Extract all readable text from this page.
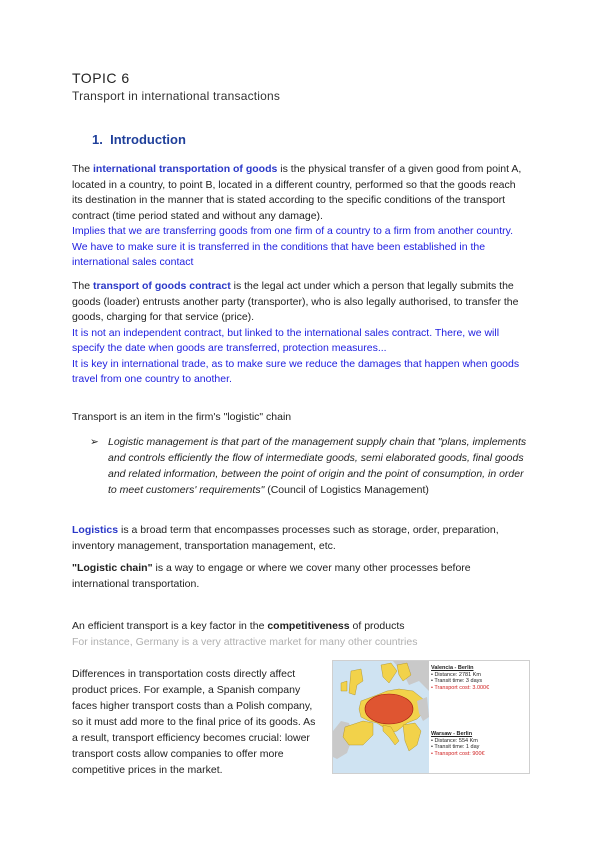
TOPIC 6
Transport in international transactions
1. Introduction
The international transportation of goods is the physical transfer of a given good from point A, located in a country, to point B, located in a different country, performed so that the goods reach its destination in the manner that is stated according to the specific conditions of the transport contract (time period stated and without any damage).
Implies that we are transferring goods from one firm of a country to a firm from another country. We have to make sure it is transferred in the conditions that have been established in the international sales contact
The transport of goods contract is the legal act under which a person that legally submits the goods (loader) entrusts another party (transporter), who is also legally authorised, to transfer the goods, charging for that service (price).
It is not an independent contract, but linked to the international sales contract. There, we will specify the date when goods are transferred, protection measures...
It is key in international trade, as to make sure we reduce the damages that happen when goods travel from one country to another.
Transport is an item in the firm's "logistic" chain
➢ Logistic management is that part of the management supply chain that "plans, implements and controls efficiently the flow of intermediate goods, semi elaborated goods, final goods and related information, between the point of origin and the point of consumption, in order to meet customers' requirements" (Council of Logistics Management)
Logistics is a broad term that encompasses processes such as storage, order, preparation, inventory management, transportation management, etc.
"Logistic chain" is a way to engage or where we cover many other processes before international transportation.
An efficient transport is a key factor in the competitiveness of products
For instance, Germany is a very attractive market for many other countries
Differences in transportation costs directly affect product prices. For example, a Spanish company faces higher transport costs than a Polish company, so it must add more to the final price of its goods. As a result, transport efficiency becomes crucial: lower transport costs allow companies to offer more competitive prices in the market.
Valencia - Berlin
• Distance: 2781 Km
• Transit time: 3 days
• Transport cost: 3.000€
Warsaw - Berlin
• Distance: 554 Km
• Transit time: 1 day
• Transport cost: 900€
